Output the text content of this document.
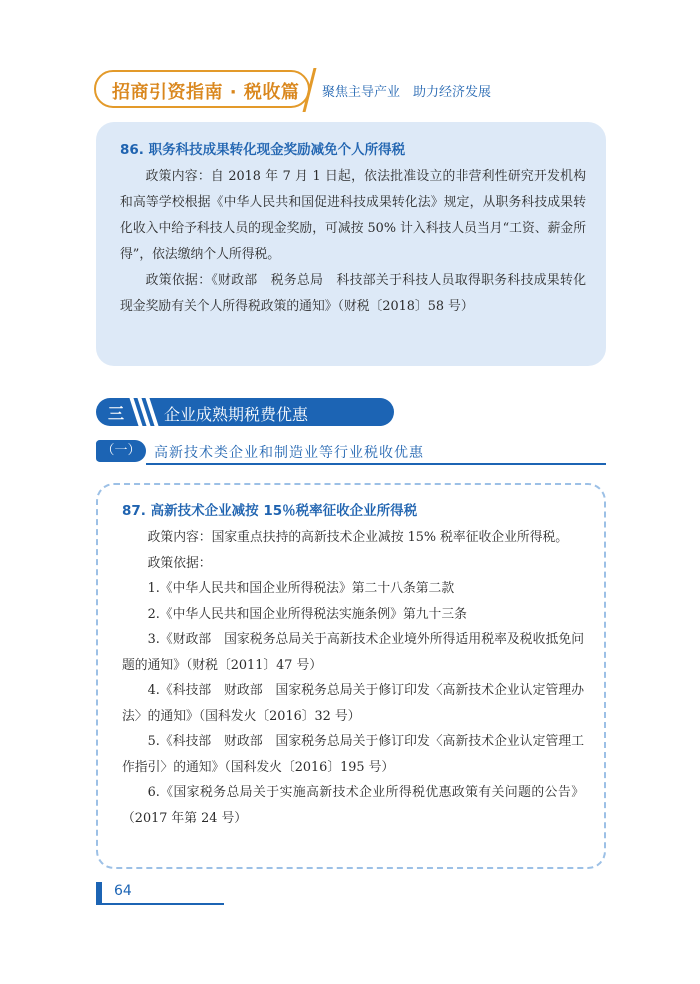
招商引资指南 · 税收篇 聚焦主导产业　助力经济发展

86. 职务科技成果转化现金奖励减免个人所得税

政策内容：自 2018 年 7 月 1 日起，依法批准设立的非营利性研究开发机构和高等学校根据《中华人民共和国促进科技成果转化法》规定，从职务科技成果转化收入中给予科技人员的现金奖励，可减按 50% 计入科技人员当月“工资、薪金所得”，依法缴纳个人所得税。

政策依据：《财政部　税务总局　科技部关于科技人员取得职务科技成果转化现金奖励有关个人所得税政策的通知》（财税〔2018〕58 号）

三 企业成熟期税费优惠
（一） 高新技术类企业和制造业等行业税收优惠

87. 高新技术企业减按 15％税率征收企业所得税

政策内容：国家重点扶持的高新技术企业减按 15% 税率征收企业所得税。

政策依据：

1.《中华人民共和国企业所得税法》第二十八条第二款

2.《中华人民共和国企业所得税法实施条例》第九十三条

3.《财政部　国家税务总局关于高新技术企业境外所得适用税率及税收抵免问题的通知》（财税〔2011〕47 号）

4.《科技部　财政部　国家税务总局关于修订印发〈高新技术企业认定管理办法〉的通知》（国科发火〔2016〕32 号）

5.《科技部　财政部　国家税务总局关于修订印发〈高新技术企业认定管理工作指引〉的通知》（国科发火〔2016〕195 号）

6.《国家税务总局关于实施高新技术企业所得税优惠政策有关问题的公告》（2017 年第 24 号）

64
